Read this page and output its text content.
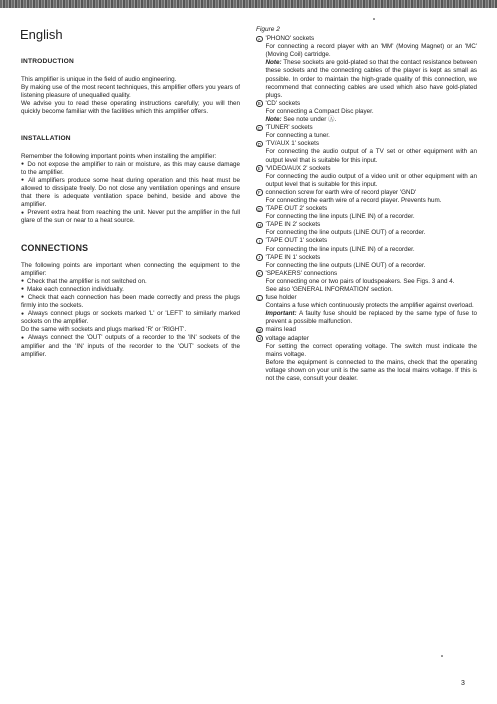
English
INTRODUCTION

This amplifier is unique in the field of audio engineering.

By making use of the most recent techniques, this amplifier offers you years of listening pleasure of unequalled quality.

We advise you to read these operating instructions carefully; you will then quickly become familiar with the facilities which this amplifier offers.

INSTALLATION

Remember the following important points when installing the amplifier:

● Do not expose the amplifier to rain or moisture, as this may cause damage to the amplifier.

● All amplifiers produce some heat during operation and this heat must be allowed to dissipate freely. Do not close any ventilation openings and ensure that there is adequate ventilation space behind, beside and above the amplifier.

● Prevent extra heat from reaching the unit. Never put the amplifier in the full glare of the sun or near to a heat source.

CONNECTIONS

The following points are important when connecting the equipment to the amplifier:

● Check that the amplifier is not switched on.

● Make each connection individually.

● Check that each connection has been made correctly and press the plugs firmly into the sockets.

● Always connect plugs or sockets marked 'L' or 'LEFT' to similarly marked sockets on the amplifier.

Do the same with sockets and plugs marked 'R' or 'RIGHT'.

● Always connect the 'OUT' outputs of a recorder to the 'IN' sockets of the amplifier and the 'IN' inputs of the recorder to the 'OUT' sockets of the amplifier.

Figure 2
A 'PHONO' sockets
For connecting a record player with an 'MM' (Moving Magnet) or an 'MC' (Moving Coil) cartridge.
Note: These sockets are gold-plated so that the contact resistance between these sockets and the connecting cables of the player is kept as small as possible. In order to maintain the high-grade quality of this connection, we recommend that connecting cables are used which also have gold-plated plugs.
B 'CD' sockets
For connecting a Compact Disc player.
Note: See note under Ⓐ.
C 'TUNER' sockets
For connecting a tuner.
D 'TV/AUX 1' sockets
For connecting the audio output of a TV set or other equipment with an output level that is suitable for this input.
E 'VIDEO/AUX 2' sockets
For connecting the audio output of a video unit or other equipment with an output level that is suitable for this input.
F connection screw for earth wire of record player 'GND'
For connecting the earth wire of a record player. Prevents hum.
G 'TAPE OUT 2' sockets
For connecting the line inputs (LINE IN) of a recorder.
H 'TAPE IN 2' sockets
For connecting the line outputs (LINE OUT) of a recorder.
I 'TAPE OUT 1' sockets
For connecting the line inputs (LINE IN) of a recorder.
J 'TAPE IN 1' sockets
For connecting the line outputs (LINE OUT) of a recorder.
K 'SPEAKERS' connections
For connecting one or two pairs of loudspeakers. See Figs. 3 and 4.
See also 'GENERAL INFORMATION' section.
L fuse holder
Contains a fuse which continuously protects the amplifier against overload.
Important: A faulty fuse should be replaced by the same type of fuse to prevent a possible malfunction.
M mains lead
N voltage adapter
For setting the correct operating voltage. The switch must indicate the mains voltage.
Before the equipment is connected to the mains, check that the operating voltage shown on your unit is the same as the local mains voltage. If this is not the case, consult your dealer.
3
